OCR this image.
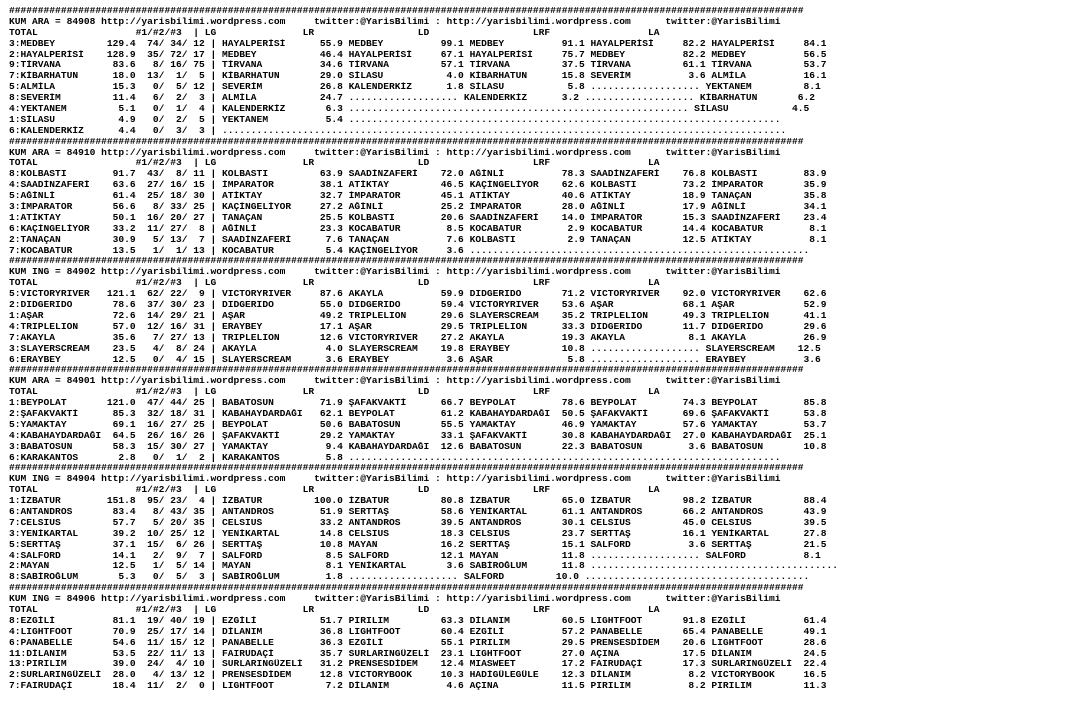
##########################################################################################################################################
KUM ARA = 84908 http://yarisbilimi.wordpress.com     twitter:@YarisBilimi : http://yarisbilimi.wordpress.com      twitter:@YarisBilimi
TOTAL                 #1/#2/#3  | LG               LR                  LD                  LRF                 LA
3:MEDBEY         129.4  74/ 34/ 12 | HAYALPERİSİ      55.9 MEDBEY          99.1 MEDBEY          91.1 HAYALPERİSİ     82.2 HAYALPERİSİ     84.1
2:HAYALPERİSİ    128.9  35/ 72/ 17 | MEDBEY           46.4 HAYALPERİSİ     67.1 HAYALPERİSİ     75.7 MEDBEY          82.2 MEDBEY          56.5
9:TİRVANA         83.6   8/ 16/ 75 | TİRVANA          34.6 TİRVANA         57.1 TİRVANA         37.5 TİRVANA         61.1 TİRVANA         53.7
7:KİBARHATUN      18.0  13/  1/  5 | KİBARHATUN       29.0 SİLASU           4.0 KİBARHATUN      15.8 SEVERİM          3.6 ALMİLA          16.1
5:ALMİLA          15.3   0/  5/ 12 | SEVERİM          26.8 KALENDERKİZ      1.8 SİLASU           5.8 ................... YEKTANEM         8.1
8:SEVERİM         11.4   6/  2/  3 | ALMİLA           24.7 ................... KALENDERKİZ      3.2 ................... KİBARHATUN       6.2
4:YEKTANEM         5.1   0/  1/  4 | KALENDERKİZ       6.3 ........................................................... SİLASU           4.5
1:SİLASU           4.9   0/  2/  5 | YEKTANEM          5.4 ...........................................................................
6:KALENDERKİZ      4.4   0/  3/  3 | ..................................................................................................
##########################################################################################################################################
KUM ARA = 84910 http://yarisbilimi.wordpress.com     twitter:@YarisBilimi : http://yarisbilimi.wordpress.com      twitter:@YarisBilimi
TOTAL                 #1/#2/#3  | LG               LR                  LD                  LRF                 LA
8:KOLBASTI        91.7  43/  8/ 11 | KOLBASTI         63.9 SAADİNZAFERİ    72.0 AĞİNLİ          78.3 SAADİNZAFERİ    76.8 KOLBASTI        83.9
4:SAADİNZAFERİ    63.6  27/ 16/ 15 | İMPARATOR        38.1 ATİKTAY         46.5 KAÇİNGELİYOR    62.6 KOLBASTI        73.2 İMPARATOR       35.9
5:AĞİNLİ          61.4  25/ 18/ 30 | ATİKTAY          32.7 İMPARATOR       45.1 ATİKTAY         40.6 ATİKTAY         18.9 TANAÇAN         35.8
3:İMPARATOR       56.6   8/ 33/ 25 | KAÇİNGELİYOR     27.2 AĞİNLİ          25.2 İMPARATOR       28.0 AĞİNLİ          17.9 AĞİNLİ          34.1
1:ATİKTAY         50.1  16/ 20/ 27 | TANAÇAN          25.5 KOLBASTI        20.6 SAADİNZAFERİ    14.0 İMPARATOR       15.3 SAADİNZAFERİ    23.4
6:KAÇİNGELİYOR    33.2  11/ 27/  8 | AĞİNLİ           23.3 KOCABATUR        8.5 KOCABATUR        2.9 KOCABATUR       14.4 KOCABATUR        8.1
2:TANAÇAN         30.9   5/ 13/  7 | SAADİNZAFERİ      7.6 TANAÇAN          7.6 KOLBASTI         2.9 TANAÇAN         12.5 ATİKTAY          8.1
7:KOCABATUR       13.5   1/  1/ 13 | KOCABATUR         5.4 KAÇİNGELİYOR     3.6 ...........................................................
##########################################################################################################################################
KUM ING = 84902 http://yarisbilimi.wordpress.com     twitter:@YarisBilimi : http://yarisbilimi.wordpress.com      twitter:@YarisBilimi
TOTAL                 #1/#2/#3  | LG               LR                  LD                  LRF                 LA
5:VICTORYRIVER   121.1  62/ 22/  9 | VICTORYRIVER     87.6 AKAYLA          59.9 DIDGERIDO       71.2 VICTORYRIVER    92.0 VICTORYRIVER    62.6
2:DIDGERIDO       78.6  37/ 30/ 23 | DIDGERIDO        55.0 DIDGERIDO       59.4 VICTORYRIVER    53.6 AŞAR            68.1 AŞAR            52.9
1:AŞAR            72.6  14/ 29/ 21 | AŞAR             49.2 TRIPLELION      29.6 SLAYERSCREAM    35.2 TRIPLELION      49.3 TRIPLELION      41.1
4:TRIPLELION      57.0  12/ 16/ 31 | ERAYBEY          17.1 AŞAR            29.5 TRIPLELION      33.3 DIDGERIDO       11.7 DIDGERIDO       29.6
7:AKAYLA          35.6   7/ 27/ 13 | TRIPLELION       12.6 VICTORYRIVER    27.2 AKAYLA          19.3 AKAYLA           8.1 AKAYLA          26.9
3:SLAYERSCREAM    23.5   4/  8/ 24 | AKAYLA            4.0 SLAYERSCREAM    19.8 ERAYBEY         10.8 ................... SLAYERSCREAM    12.5
6:ERAYBEY         12.5   0/  4/ 15 | SLAYERSCREAM      3.6 ERAYBEY          3.6 AŞAR             5.8 ................... ERAYBEY          3.6
##########################################################################################################################################
KUM ARA = 84901 http://yarisbilimi.wordpress.com     twitter:@YarisBilimi : http://yarisbilimi.wordpress.com      twitter:@YarisBilimi
TOTAL                 #1/#2/#3  | LG               LR                  LD                  LRF                 LA
1:BEYPOLAT       121.0  47/ 44/ 25 | BABATOSUN        71.9 ŞAFAKVAKTİ      66.7 BEYPOLAT        78.6 BEYPOLAT        74.3 BEYPOLAT        85.8
2:ŞAFAKVAKTİ      85.3  32/ 18/ 31 | KABAHAYDARDAĞI   62.1 BEYPOLAT        61.2 KABAHAYDARDAĞI  50.5 ŞAFAKVAKTİ      69.6 ŞAFAKVAKTİ      53.8
5:YAMAKTAY        69.1  16/ 27/ 25 | BEYPOLAT         50.6 BABATOSUN       55.5 YAMAKTAY        46.9 YAMAKTAY        57.6 YAMAKTAY        53.7
4:KABAHAYDARDAĞI  64.5  26/ 16/ 26 | ŞAFAKVAKTİ       29.2 YAMAKTAY        33.1 ŞAFAKVAKTİ      30.8 KABAHAYDARDAĞI  27.0 KABAHAYDARDAĞI  25.1
3:BABATOSUN       58.3  15/ 30/ 27 | YAMAKTAY          9.4 KABAHAYDARDAĞI  12.6 BABATOSUN       22.3 BABATOSUN        3.6 BABATOSUN       10.8
6:KARAKANTOS       2.8   0/  1/  2 | KARAKANTOS        5.8 ...........................................................................
##########################################################################################################################################
KUM ING = 84904 http://yarisbilimi.wordpress.com     twitter:@YarisBilimi : http://yarisbilimi.wordpress.com      twitter:@YarisBilimi
TOTAL                 #1/#2/#3  | LG               LR                  LD                  LRF                 LA
1:İZBATUR        151.8  95/ 23/  4 | İZBATUR         100.0 İZBATUR         80.8 İZBATUR         65.0 İZBATUR         98.2 İZBATUR         88.4
6:ANTANDROS       83.4   8/ 43/ 35 | ANTANDROS        51.9 SERTTAŞ         58.6 YENİKARTAL      61.1 ANTANDROS       66.2 ANTANDROS       43.9
7:CELSIUS         57.7   5/ 20/ 35 | CELSIUS          33.2 ANTANDROS       39.5 ANTANDROS       30.1 CELSIUS         45.0 CELSIUS         39.5
3:YENİKARTAL      39.2  10/ 25/ 12 | YENİKARTAL       14.8 CELSIUS         18.3 CELSIUS         23.7 SERTTAŞ         16.1 YENİKARTAL      27.8
5:SERTTAŞ         37.1  15/  6/ 26 | SERTTAŞ          10.8 MAYAN           16.2 SERTTAŞ         15.1 SALFORD          3.6 SERTTAŞ         21.5
4:SALFORD         14.1   2/  9/  7 | SALFORD           8.5 SALFORD         12.1 MAYAN           11.8 ................... SALFORD          8.1
2:MAYAN           12.5   1/  5/ 14 | MAYAN             8.1 YENİKARTAL       3.6 SABİROĞLUM      11.8 ...........................................
8:SABİROĞLUM       5.3   0/  5/  3 | SABİROĞLUM        1.8 ................... SALFORD         10.0 .......................................
##########################################################################################################################################
KUM ING = 84906 http://yarisbilimi.wordpress.com     twitter:@YarisBilimi : http://yarisbilimi.wordpress.com      twitter:@YarisBilimi
TOTAL                 #1/#2/#3  | LG               LR                  LD                  LRF                 LA
8:EZGİLİ          81.1  19/ 40/ 19 | EZGİLİ           51.7 PIRILIM         63.3 DİLANIM         60.5 LIGHTFOOT       91.8 EZGİLİ          61.4
4:LIGHTFOOT       70.9  25/ 17/ 14 | DİLANIM          36.8 LIGHTFOOT       60.4 EZGİLİ          57.2 PANABELLE       65.4 PANABELLE       49.1
6:PANABELLE       54.6  11/ 15/ 12 | PANABELLE        36.3 EZGİLİ          55.1 PIRILIM         29.5 PRENSESDİDEM    20.6 LIGHTFOOT       28.6
11:DİLANIM        53.5  22/ 11/ 13 | FAIRUDAÇİ        35.7 SURLARINGÜZELİ  23.1 LIGHTFOOT       27.0 AÇINA           17.5 DİLANIM         24.5
13:PIRILIM        39.0  24/  4/ 10 | SURLARINGÜZELİ   31.2 PRENSESDİDEM    12.4 MIASWEET        17.2 FAIRUDAÇİ       17.3 SURLARINGÜZELİ  22.4
2:SURLARINGÜZELİ  28.0   4/ 13/ 12 | PRENSESDİDEM     12.8 VICTORYBOOK     10.3 HADİGÜLEGÜLE    12.3 DİLANIM          8.2 VICTORYBOOK     16.5
7:FAIRUDAÇİ       18.4  11/  2/  0 | LIGHTFOOT         7.2 DİLANIM          4.6 AÇINA           11.5 PIRILIM          8.2 PIRILIM         11.3
